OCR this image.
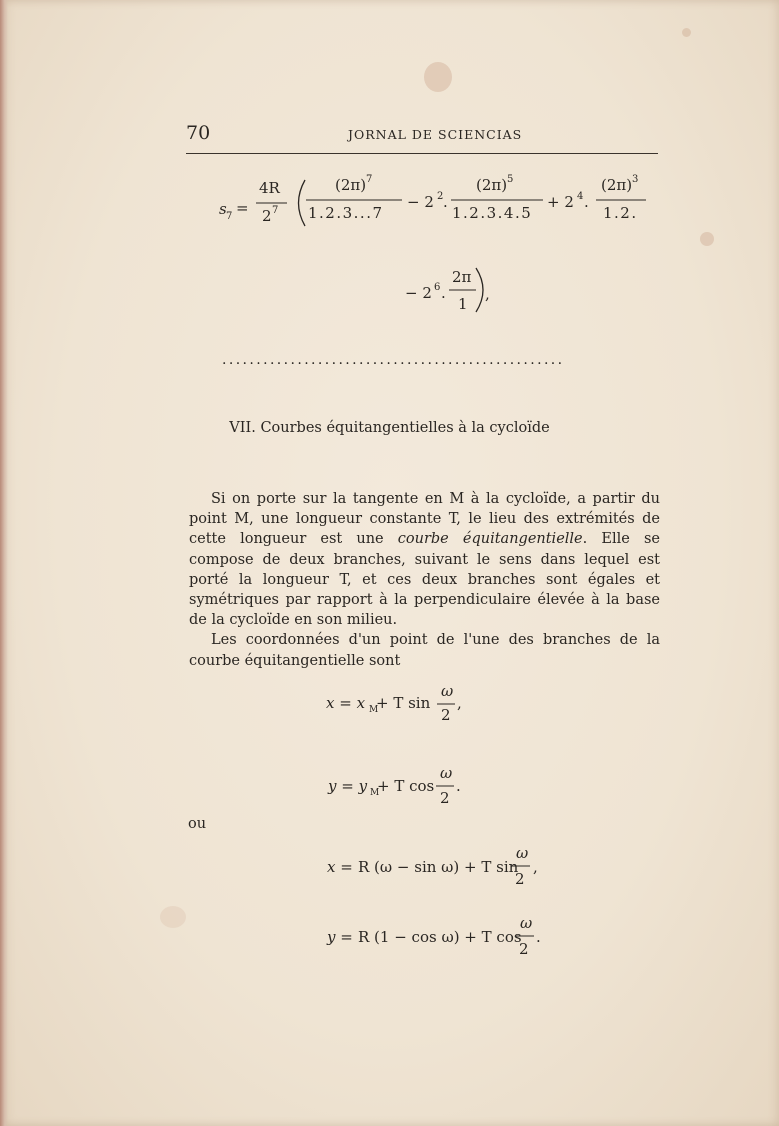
70	JORNAL DE SCIENCIAS
s 7 =
4R
2 7
(2π) 7
1.2.3...7
− 2 2 .
(2π) 5
1.2.3.4.5
+ 2 4 .
(2π) 3
1.2.
− 2 6 .
2π
1
,
..................................................
VII. Courbes équitangentielles à la cycloïde

Si on porte sur la tangente en M à la cycloïde, a partir du point M, une longueur constante T, le lieu des extrémités de cette longueur est une courbe équitangentielle. Elle se compose de deux branches, suivant le sens dans lequel est porté la longueur T, et ces deux branches sont égales et symétriques par rapport à la perpendiculaire élevée à la base de la cycloïde en son milieu.

Les coordonnées d'un point de l'une des branches de la courbe équitangentielle sont

x = x M
+ T sin
ω
2
,
y = y M
+ T cos
ω
2
.
x = R (ω − sin ω) + T sin
ω
2
,
y = R (1 − cos ω) + T cos
ω
2
.
ou
